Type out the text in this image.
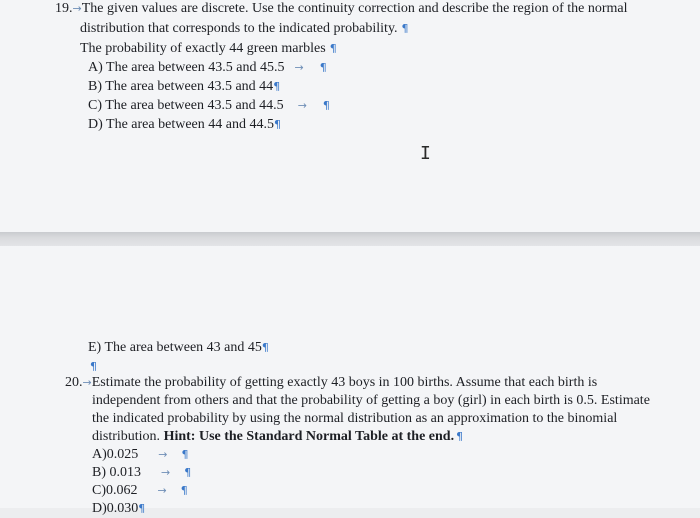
19.→The given values are discrete. Use the continuity correction and describe the region of the normal
distribution that corresponds to the indicated probability. ¶
The probability of exactly 44 green marbles ¶
A) The area between 43.5 and 45.5 → ¶
B) The area between 43.5 and 44¶
C) The area between 43.5 and 44.5 → ¶
D) The area between 44 and 44.5¶
I
E) The area between 43 and 45¶
¶
20.→Estimate the probability of getting exactly 43 boys in 100 births. Assume that each birth is
independent from others and that the probability of getting a boy (girl) in each birth is 0.5. Estimate
the indicated probability by using the normal distribution as an approximation to the binomial
distribution. Hint: Use the Standard Normal Table at the end. ¶
A)0.025 → ¶
B) 0.013 → ¶
C)0.062 → ¶
D)0.030¶
